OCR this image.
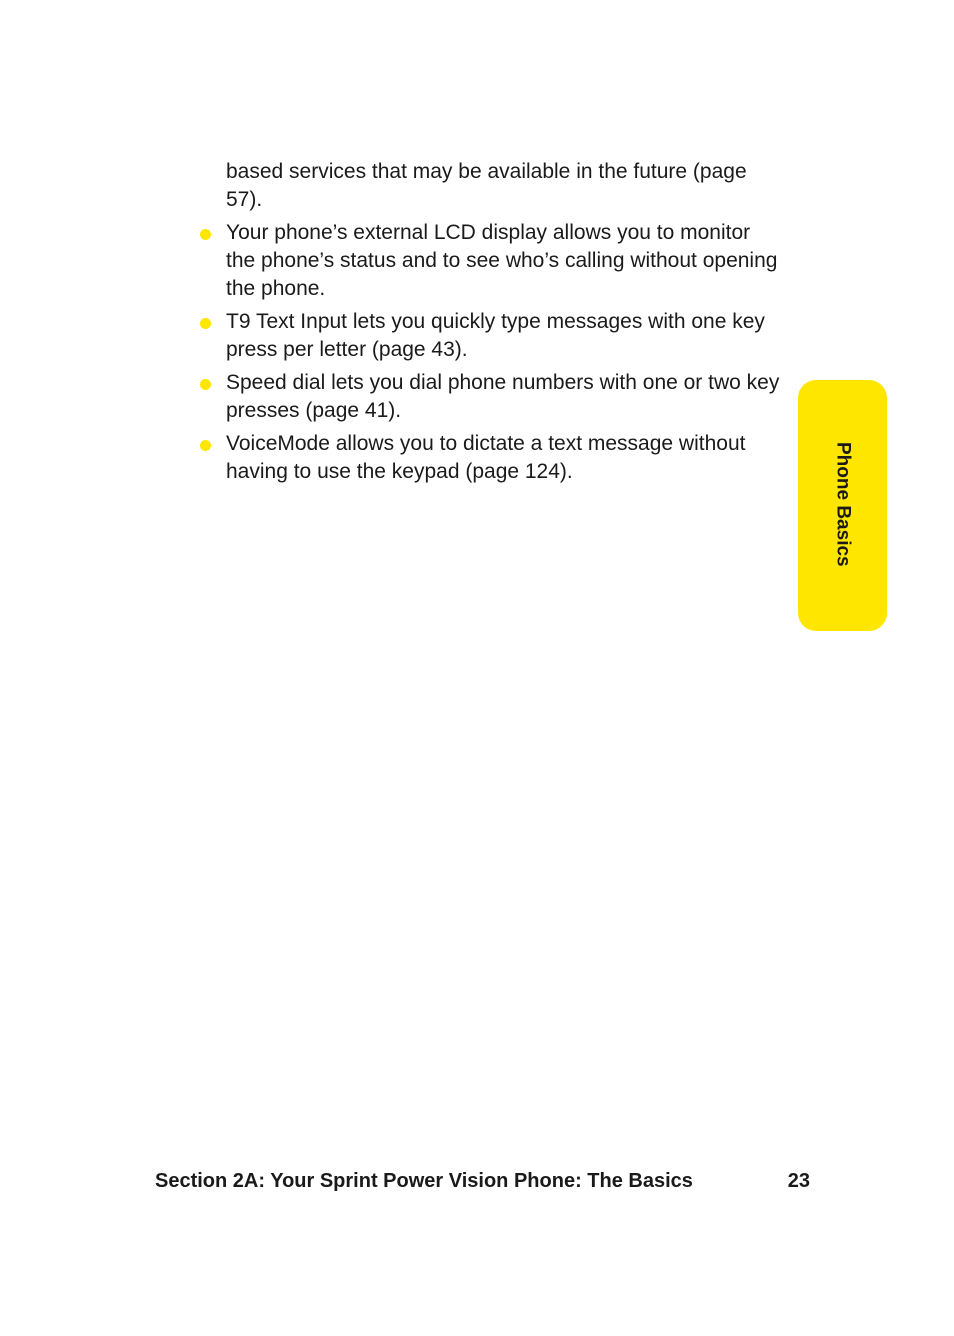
based services that may be available in the future (page 57).

Your phone’s external LCD display allows you to monitor the phone’s status and to see who’s calling without opening the phone.
T9 Text Input lets you quickly type messages with one key press per letter (page 43).
Speed dial lets you dial phone numbers with one or two key presses (page 41).
VoiceMode allows you to dictate a text message without having to use the keypad (page 124).	Phone Basics
Section 2A: Your Sprint Power Vision Phone: The Basics	23
